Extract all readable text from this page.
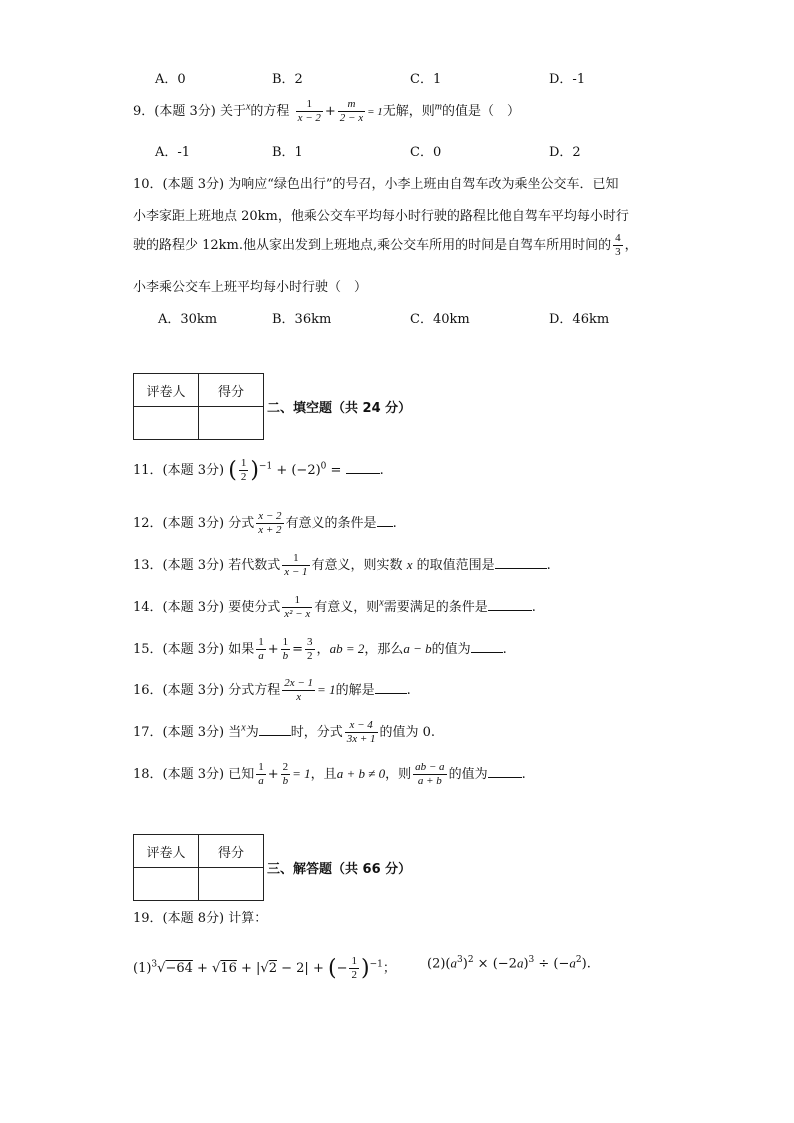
A．0	B．2	C．1	D．-1
9．(本题 3分) 关于$^x$的方程 $\frac{1}{x - 2} + \frac{m}{2 - x} = 1$无解，则$^m$的值是（　）
A．-1	B．1	C．0	D．2
10．(本题 3分) 为响应“绿色出行”的号召，小李上班由自驾车改为乘坐公交车．已知
小李家距上班地点 20km，他乘公交车平均每小时行驶的路程比他自驾车平均每小时行
驶的路程少 12km.他从家出发到上班地点,乘公交车所用的时间是自驾车所用时间的 $\frac{4}{3}$ ，
小李乘公交车上班平均每小时行驶（　）
A．30km	B．36km	C．40km	D．46km
评卷人	得分

二、填空题（共 24 分）
11．(本题 3分) ( $\frac{1}{2} )^{-1} + (-2)^0$ =	.
12．(本题 3分) 分式 $\frac{x - 2}{x + 2}$ 有意义的条件是 .
13．(本题 3分) 若代数式 $\frac{1}{x - 1}$ 有意义，则实数 x 的取值范围是	.
14．(本题 3分) 要使分式 $\frac{1}{\text{x² − x}}$ 有意义，则$^x$需要满足的条件是	.
15．(本题 3分) 如果 $\frac{1}{a} + \frac{1}{b} = \frac{3}{2}$ ，ab = 2，那么a − b的值为 .
16．(本题 3分) 分式方程 $\frac{2x - 1}{x} = 1$的解是 .
17．(本题 3分) 当$^x$为 时，分式 $\frac{x - 4}{3x + 1}$ 的值为 0.
18．(本题 3分) 已知 $\frac{1}{a} + \frac{2}{b} = 1$，且a + b ≠ 0，则 $\frac{ab - a}{a + b}$ 的值为	.
评卷人	得分

三、解答题（共 66 分）
19．(本题 8分) 计算：
$(1)^3√-64 + √16 + |√2 - 2|$ + (− $\frac{1}{2} )^{-1}$； $(2)(a^3)^2 \times (-2a)^3 \div (-a^2)$.
